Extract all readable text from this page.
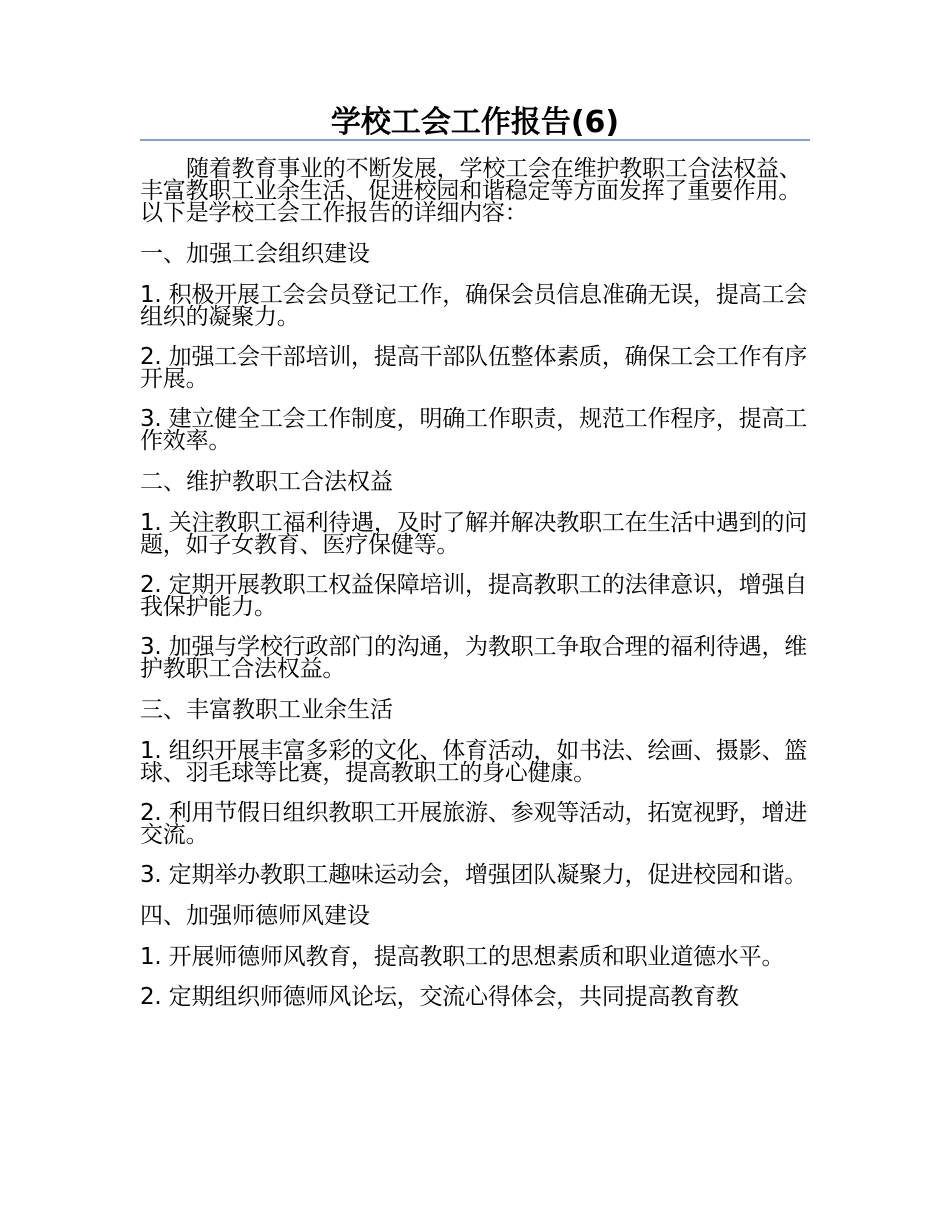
学校工会工作报告(6)

随着教育事业的不断发展，学校工会在维护教职工合法权益、丰富教职工业余生活、促进校园和谐稳定等方面发挥了重要作用。以下是学校工会工作报告的详细内容：

一、加强工会组织建设

1. 积极开展工会会员登记工作，确保会员信息准确无误，提高工会组织的凝聚力。

2. 加强工会干部培训，提高干部队伍整体素质，确保工会工作有序开展。

3. 建立健全工会工作制度，明确工作职责，规范工作程序，提高工作效率。

二、维护教职工合法权益

1. 关注教职工福利待遇，及时了解并解决教职工在生活中遇到的问题，如子女教育、医疗保健等。

2. 定期开展教职工权益保障培训，提高教职工的法律意识，增强自我保护能力。

3. 加强与学校行政部门的沟通，为教职工争取合理的福利待遇，维护教职工合法权益。

三、丰富教职工业余生活

1. 组织开展丰富多彩的文化、体育活动，如书法、绘画、摄影、篮球、羽毛球等比赛，提高教职工的身心健康。

2. 利用节假日组织教职工开展旅游、参观等活动，拓宽视野，增进交流。

3. 定期举办教职工趣味运动会，增强团队凝聚力，促进校园和谐。

四、加强师德师风建设

1. 开展师德师风教育，提高教职工的思想素质和职业道德水平。

2. 定期组织师德师风论坛，交流心得体会，共同提高教育教
